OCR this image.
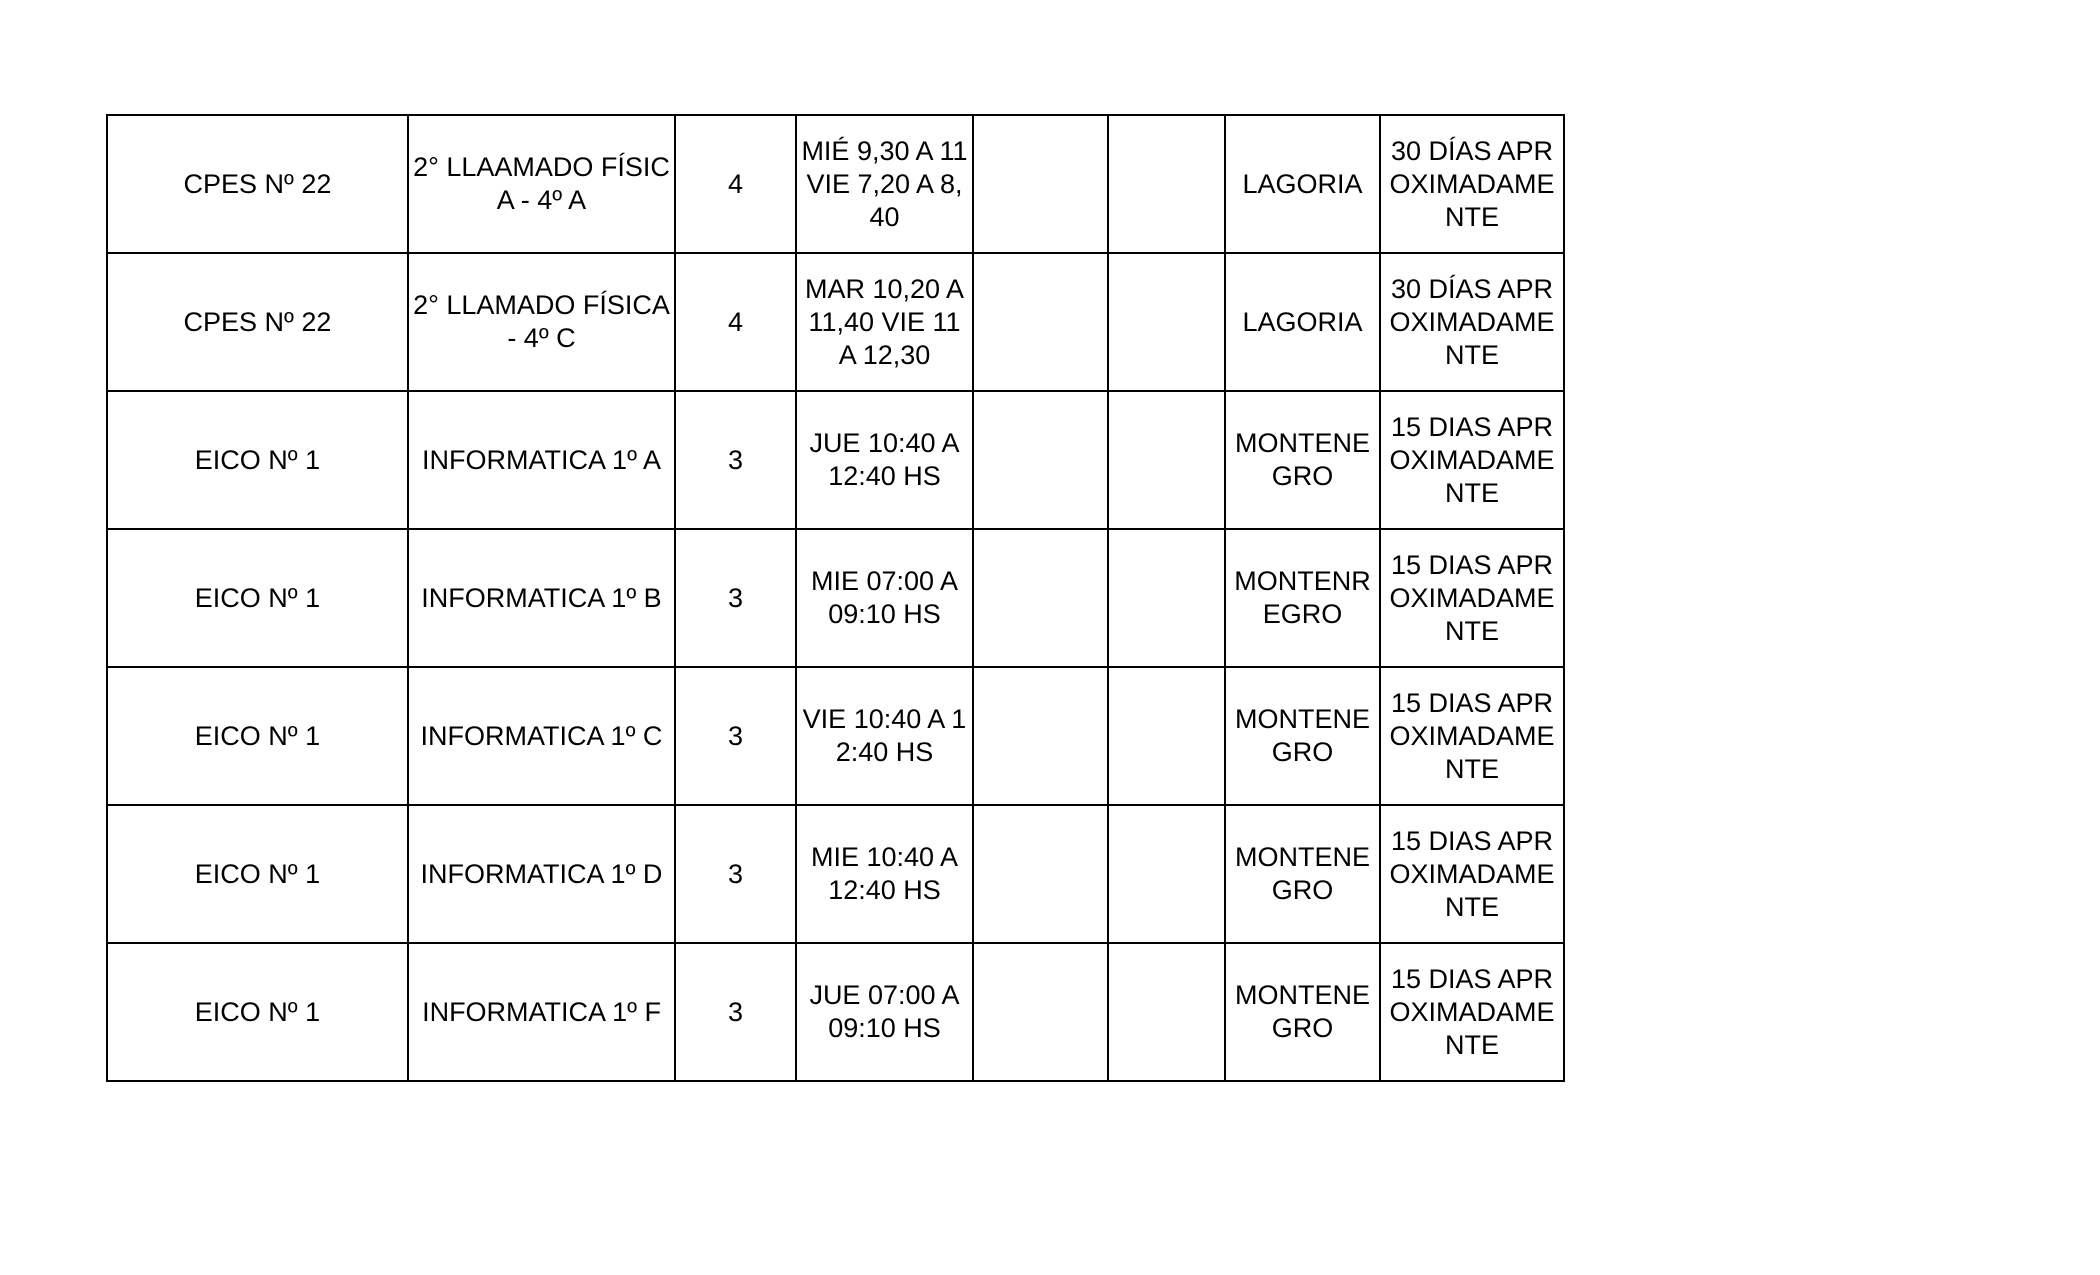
CPES Nº 22	2° LLAAMADO FÍSICA - 4º A	4	MIÉ 9,30 A 11 VIE 7,20 A 8,40			LAGORIA	30 DÍAS APROXIMADAMENTE
CPES Nº 22	2° LLAMADO FÍSICA - 4º C	4	MAR 10,20 A 11,40 VIE 11 A 12,30			LAGORIA	30 DÍAS APROXIMADAMENTE
EICO Nº 1	INFORMATICA 1º A	3	JUE 10:40 A 12:40 HS			MONTENEGRO	15 DIAS APROXIMADAMENTE
EICO Nº 1	INFORMATICA 1º B	3	MIE 07:00 A 09:10 HS			MONTENREGRO	15 DIAS APROXIMADAMENTE
EICO Nº 1	INFORMATICA 1º C	3	VIE 10:40 A 12:40 HS			MONTENEGRO	15 DIAS APROXIMADAMENTE
EICO Nº 1	INFORMATICA 1º D	3	MIE 10:40 A 12:40 HS			MONTENEGRO	15 DIAS APROXIMADAMENTE
EICO Nº 1	INFORMATICA 1º F	3	JUE 07:00 A 09:10 HS			MONTENEGRO	15 DIAS APROXIMADAMENTE
